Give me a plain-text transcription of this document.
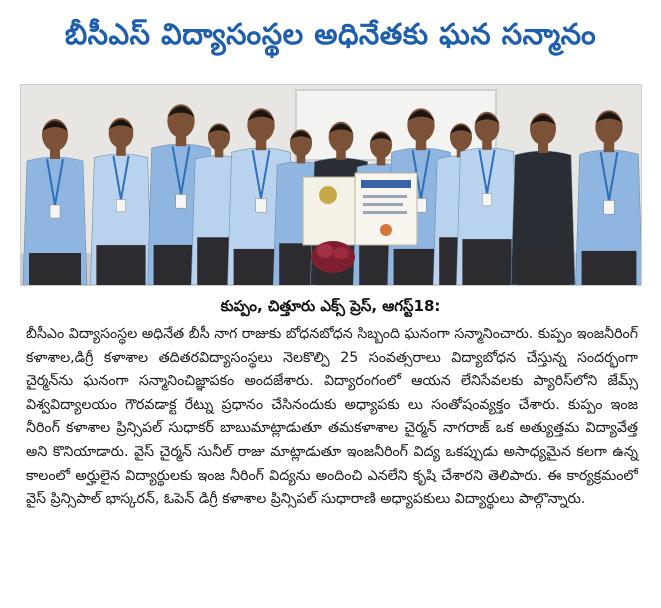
బీసీఎస్ విద్యాసంస్థల అధినేతకు ఘన సన్మానం
కుప్పం, చిత్తూరు ఎక్స్ ప్రెస్, ఆగస్ట్18:
బీసీఎం విద్యాసంస్థల అధినేత బీసీ నాగ రాజుకు బోధనబోధన సిబ్బంది ఘనంగా సన్మానించారు. కుప్పం ఇంజనీరింగ్ కళాశాల,డిగ్రీ కళాశాల తదితరవిద్యాసంస్థలు నెలకొల్పి 25 సంవత్సరాలు విద్యాబోధన చేస్తున్న సందర్భంగా చైర్మన్‌ను ఘనంగా సన్మానించిజ్ఞాపకం అందజేశారు. విద్యారంగంలో ఆయన లేనిసేవలకు ప్యారిస్‌లోని జేమ్స్ విశ్వవిద్యాలయం గౌరవడాక్ట రేట్ను ప్రధానం చేసినందుకు అధ్యాపకు లు సంతోషంవ్యక్తం చేశారు. కుప్పం ఇంజ నీరింగ్ కళాశాల ప్రిన్సిపల్ సుధాకర్ బాబుమాట్లాడుతూ తమకళాశాల చైర్మన్ నాగరాజ్ ఒక అత్యుత్తమ విద్యావేత్త అని కొనియాడారు. వైస్ చైర్మన్ సునీల్ రాజు మాట్లాడుతూ ఇంజనీరింగ్ విద్య ఒకప్పుడు అసాధ్యమైన కలగా ఉన్న కాలంలో అర్హులైన విద్యార్థులకు ఇంజ నీరింగ్ విద్యను అందించి ఎనలేని కృషి చేశారని తెలిపారు. ఈ కార్యక్రమంలో వైస్ ప్రిన్సిపాల్ భాస్కరన్, ఓపెన్ డిగ్రీ కళాశాల ప్రిన్సిపల్ సుధారాణి అధ్యాపకులు విద్యార్థులు పాల్గొన్నారు.
